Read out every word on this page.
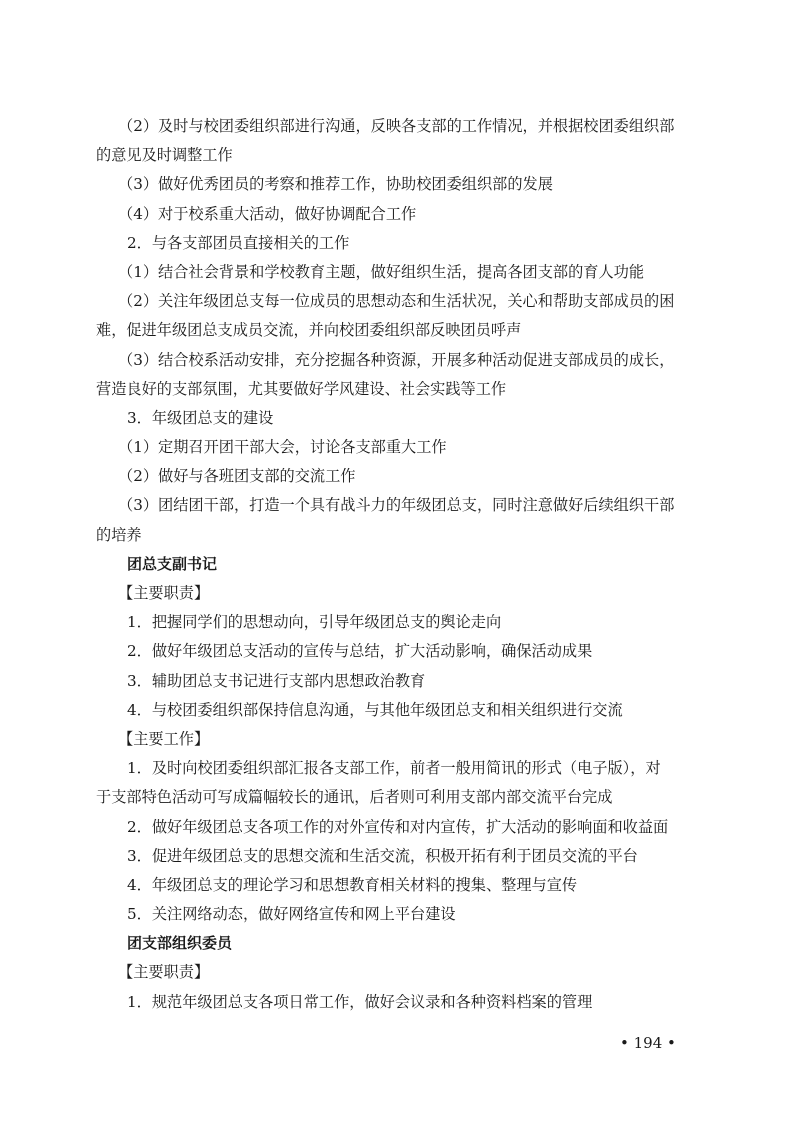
（2）及时与校团委组织部进行沟通，反映各支部的工作情况，并根据校团委组织部
的意见及时调整工作
（3）做好优秀团员的考察和推荐工作，协助校团委组织部的发展
（4）对于校系重大活动，做好协调配合工作
2．与各支部团员直接相关的工作
（1）结合社会背景和学校教育主题，做好组织生活，提高各团支部的育人功能
（2）关注年级团总支每一位成员的思想动态和生活状况，关心和帮助支部成员的困
难，促进年级团总支成员交流，并向校团委组织部反映团员呼声
（3）结合校系活动安排，充分挖掘各种资源，开展多种活动促进支部成员的成长，
营造良好的支部氛围，尤其要做好学风建设、社会实践等工作
3．年级团总支的建设
（1）定期召开团干部大会，讨论各支部重大工作
（2）做好与各班团支部的交流工作
（3）团结团干部，打造一个具有战斗力的年级团总支，同时注意做好后续组织干部
的培养
团总支副书记
【主要职责】
1．把握同学们的思想动向，引导年级团总支的舆论走向
2．做好年级团总支活动的宣传与总结，扩大活动影响，确保活动成果
3．辅助团总支书记进行支部内思想政治教育
4．与校团委组织部保持信息沟通，与其他年级团总支和相关组织进行交流
【主要工作】
1．及时向校团委组织部汇报各支部工作，前者一般用简讯的形式（电子版），对
于支部特色活动可写成篇幅较长的通讯，后者则可利用支部内部交流平台完成
2．做好年级团总支各项工作的对外宣传和对内宣传，扩大活动的影响面和收益面
3．促进年级团总支的思想交流和生活交流，积极开拓有利于团员交流的平台
4．年级团总支的理论学习和思想教育相关材料的搜集、整理与宣传
5．关注网络动态，做好网络宣传和网上平台建设
团支部组织委员
【主要职责】
1．规范年级团总支各项日常工作，做好会议录和各种资料档案的管理
• 194 •
